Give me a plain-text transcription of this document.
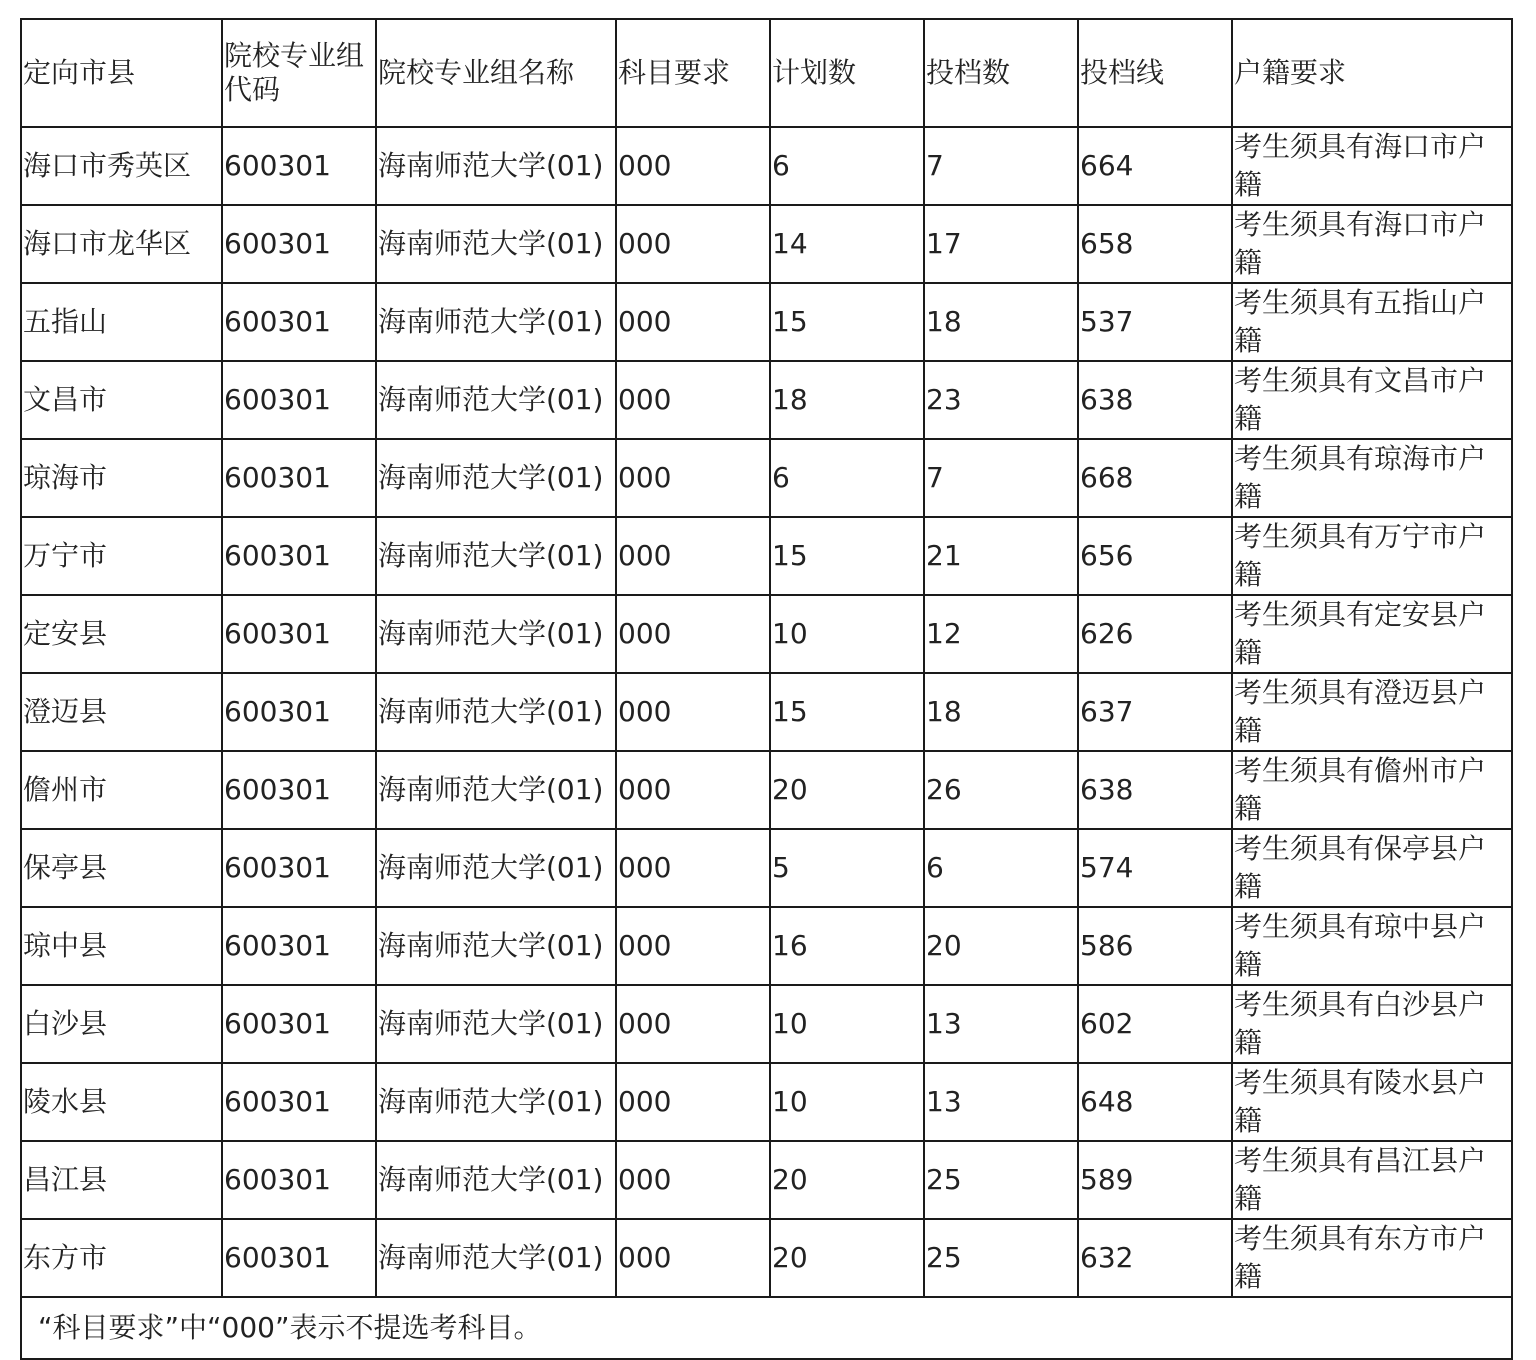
定向市县	院校专业组代码	院校专业组名称	科目要求	计划数	投档数	投档线	户籍要求
海口市秀英区	600301	海南师范大学(01)	000	6	7	664	考生须具有海口市户籍
海口市龙华区	600301	海南师范大学(01)	000	14	17	658	考生须具有海口市户籍
五指山	600301	海南师范大学(01)	000	15	18	537	考生须具有五指山户籍
文昌市	600301	海南师范大学(01)	000	18	23	638	考生须具有文昌市户籍
琼海市	600301	海南师范大学(01)	000	6	7	668	考生须具有琼海市户籍
万宁市	600301	海南师范大学(01)	000	15	21	656	考生须具有万宁市户籍
定安县	600301	海南师范大学(01)	000	10	12	626	考生须具有定安县户籍
澄迈县	600301	海南师范大学(01)	000	15	18	637	考生须具有澄迈县户籍
儋州市	600301	海南师范大学(01)	000	20	26	638	考生须具有儋州市户籍
保亭县	600301	海南师范大学(01)	000	5	6	574	考生须具有保亭县户籍
琼中县	600301	海南师范大学(01)	000	16	20	586	考生须具有琼中县户籍
白沙县	600301	海南师范大学(01)	000	10	13	602	考生须具有白沙县户籍
陵水县	600301	海南师范大学(01)	000	10	13	648	考生须具有陵水县户籍
昌江县	600301	海南师范大学(01)	000	20	25	589	考生须具有昌江县户籍
东方市	600301	海南师范大学(01)	000	20	25	632	考生须具有东方市户籍
“科目要求”中“000”表示不提选考科目。							
